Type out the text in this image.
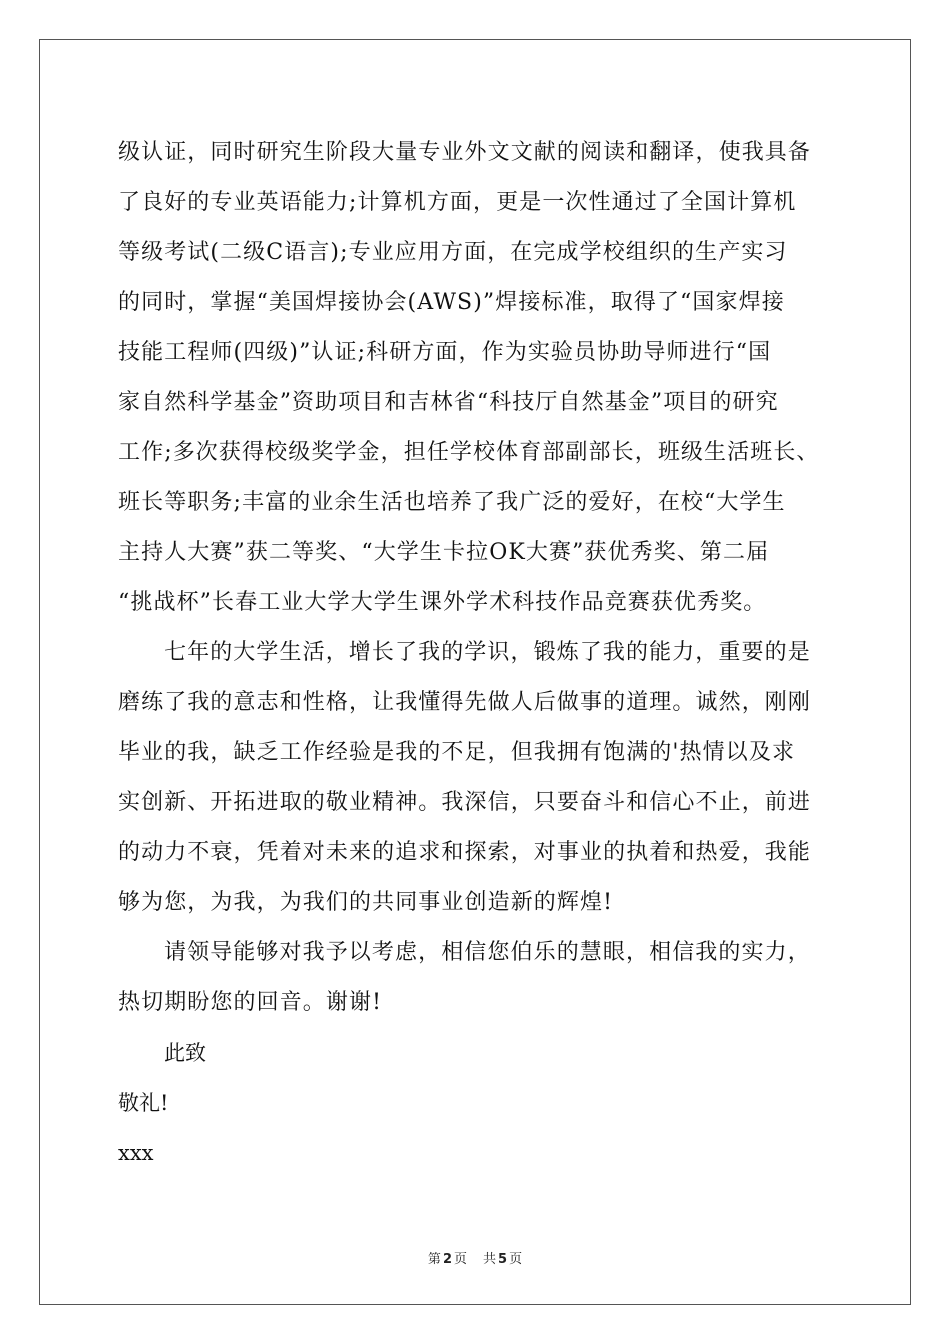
级认证，同时研究生阶段大量专业外文文献的阅读和翻译，使我具备
了良好的专业英语能力;计算机方面，更是一次性通过了全国计算机
等级考试(二级C语言);专业应用方面，在完成学校组织的生产实习
的同时，掌握“美国焊接协会(AWS)”焊接标准，取得了“国家焊接
技能工程师(四级)”认证;科研方面，作为实验员协助导师进行“国
家自然科学基金”资助项目和吉林省“科技厅自然基金”项目的研究
工作;多次获得校级奖学金，担任学校体育部副部长，班级生活班长、
班长等职务;丰富的业余生活也培养了我广泛的爱好，在校“大学生
主持人大赛”获二等奖、“大学生卡拉OK大赛”获优秀奖、第二届
“挑战杯”长春工业大学大学生课外学术科技作品竞赛获优秀奖。
七年的大学生活，增长了我的学识，锻炼了我的能力，重要的是
磨练了我的意志和性格，让我懂得先做人后做事的道理。诚然，刚刚
毕业的我，缺乏工作经验是我的不足，但我拥有饱满的'热情以及求
实创新、开拓进取的敬业精神。我深信，只要奋斗和信心不止，前进
的动力不衰，凭着对未来的追求和探索，对事业的执着和热爱，我能
够为您，为我，为我们的共同事业创造新的辉煌!
请领导能够对我予以考虑，相信您伯乐的慧眼，相信我的实力，
热切期盼您的回音。谢谢!
此致
敬礼!
xxx
第 2 页 共 5 页
